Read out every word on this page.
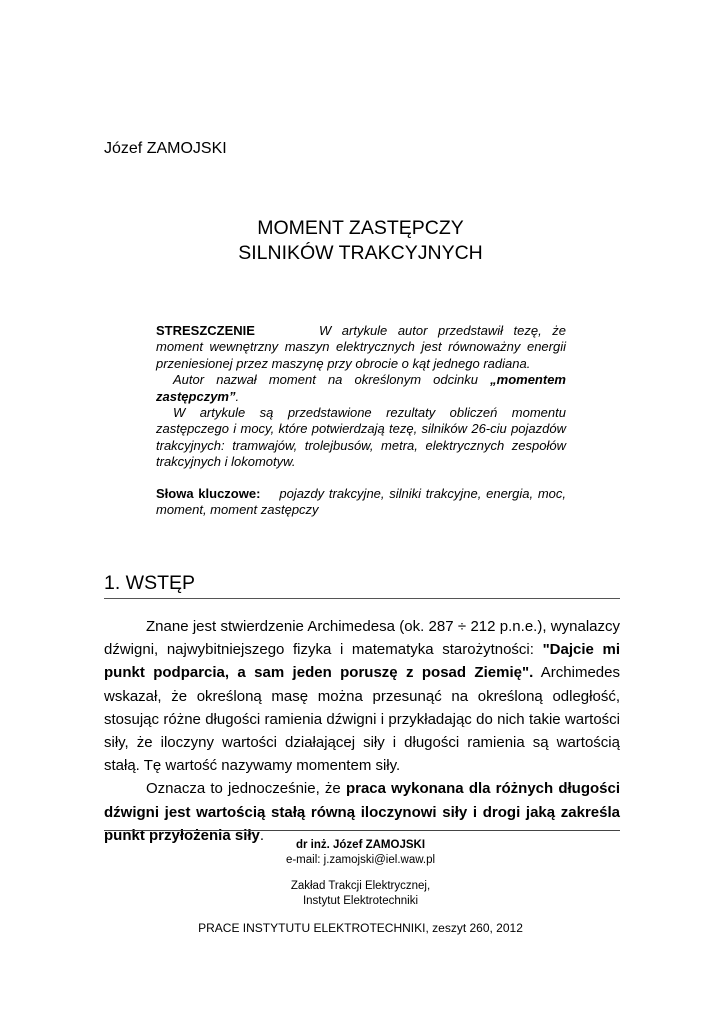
Józef ZAMOJSKI
MOMENT ZASTĘPCZY
SILNIKÓW TRAKCYJNYCH

STRESZCZENIE	W artykule autor przedstawił tezę, że moment wewnętrzny maszyn elektrycznych jest równoważny energii przeniesionej przez maszynę przy obrocie o kąt jednego radiana.

Autor nazwał moment na określonym odcinku „momentem zastępczym”.

W artykule są przedstawione rezultaty obliczeń momentu zastępczego i mocy, które potwierdzają tezę, silników 26-ciu pojazdów trakcyjnych: tramwajów, trolejbusów, metra, elektrycznych zespołów trakcyjnych i lokomotyw.

Słowa kluczowe: pojazdy trakcyjne, silniki trakcyjne, energia, moc, moment, moment zastępczy

1. WSTĘP

Znane jest stwierdzenie Archimedesa (ok. 287 ÷ 212 p.n.e.), wynalazcy dźwigni, najwybitniejszego fizyka i matematyka starożytności: "Dajcie mi punkt podparcia, a sam jeden poruszę z posad Ziemię". Archimedes wskazał, że określoną masę można przesunąć na określoną odległość, stosując różne długości ramienia dźwigni i przykładając do nich takie wartości siły, że iloczyny wartości działającej siły i długości ramienia są wartością stałą. Tę wartość nazywamy momentem siły.

Oznacza to jednocześnie, że praca wykonana dla różnych długości dźwigni jest wartością stałą równą iloczynowi siły i drogi jaką zakreśla punkt przyłożenia siły.

dr inż. Józef ZAMOJSKI
e-mail: j.zamojski@iel.waw.pl
Zakład Trakcji Elektrycznej,
Instytut Elektrotechniki
PRACE INSTYTUTU ELEKTROTECHNIKI, zeszyt 260, 2012
